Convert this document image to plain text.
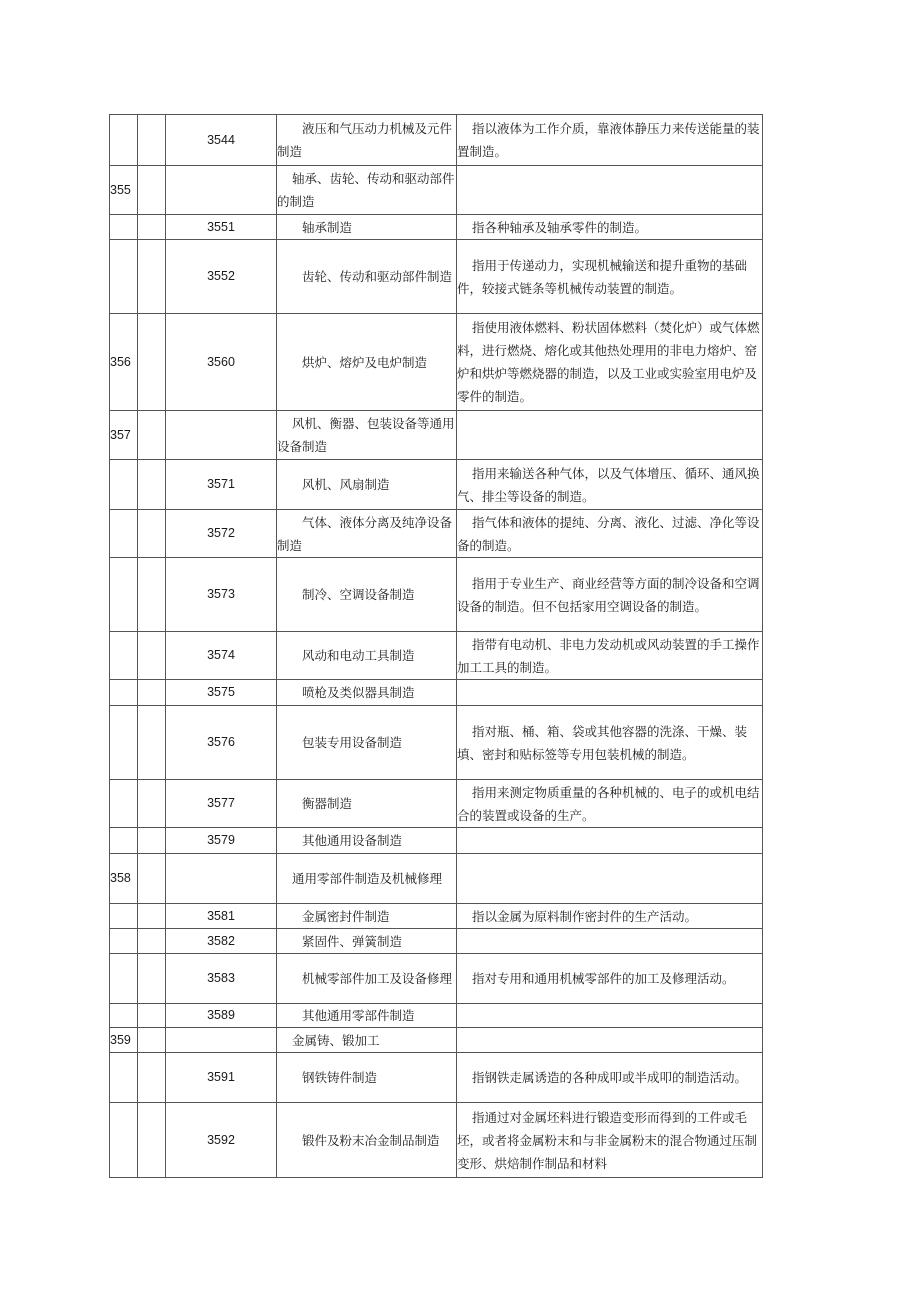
		3544	液压和气压动力机械及元件制造	指以液体为工作介质，靠液体静压力来传送能量的装置制造。

355			轴承、齿轮、传动和驱动部件的制造	

		3551	轴承制造	指各种轴承及轴承零件的制造。

		3552	齿轮、传动和驱动部件制造	指用于传递动力，实现机械输送和提升重物的基础件，较接式链条等机械传动装置的制造。

356		3560	烘炉、熔炉及电炉制造	指使用液体燃料、粉状固体燃料（焚化炉）或气体燃料，进行燃烧、熔化或其他热处理用的非电力熔炉、窑炉和烘炉等燃烧器的制造，以及工业或实验室用电炉及零件的制造。

357			风机、衡器、包装设备等通用设备制造	

		3571	风机、风扇制造	指用来输送各种气体，以及气体增压、循环、通风换气、排尘等设备的制造。

		3572	气体、液体分离及纯净设备制造	指气体和液体的提纯、分离、液化、过滤、净化等设备的制造。

		3573	制冷、空调设备制造	指用于专业生产、商业经营等方面的制冷设备和空调设备的制造。但不包括家用空调设备的制造。

		3574	风动和电动工具制造	指带有电动机、非电力发动机或风动装置的手工操作加工工具的制造。

		3575	喷枪及类似器具制造	

		3576	包装专用设备制造	指对瓶、桶、箱、袋或其他容器的洗涤、干燥、装填、密封和贴标签等专用包装机械的制造。

		3577	衡器制造	指用来测定物质重量的各种机械的、电子的或机电结合的装置或设备的生产。

		3579	其他通用设备制造	

358			通用零部件制造及机械修理	

		3581	金属密封件制造	指以金属为原料制作密封件的生产活动。

		3582	紧固件、弹簧制造	

		3583	机械零部件加工及设备修理	指对专用和通用机械零部件的加工及修理活动。

		3589	其他通用零部件制造	

359			金属铸、锻加工	

		3591	钢铁铸件制造	指钢铁走属诱造的各种成叩或半成叩的制造活动。

		3592	锻件及粉末冶金制品制造	指通过对金属坯料进行锻造变形而得到的工件或毛坯，或者将金属粉末和与非金属粉末的混合物通过压制变形、烘焙制作制品和材料
